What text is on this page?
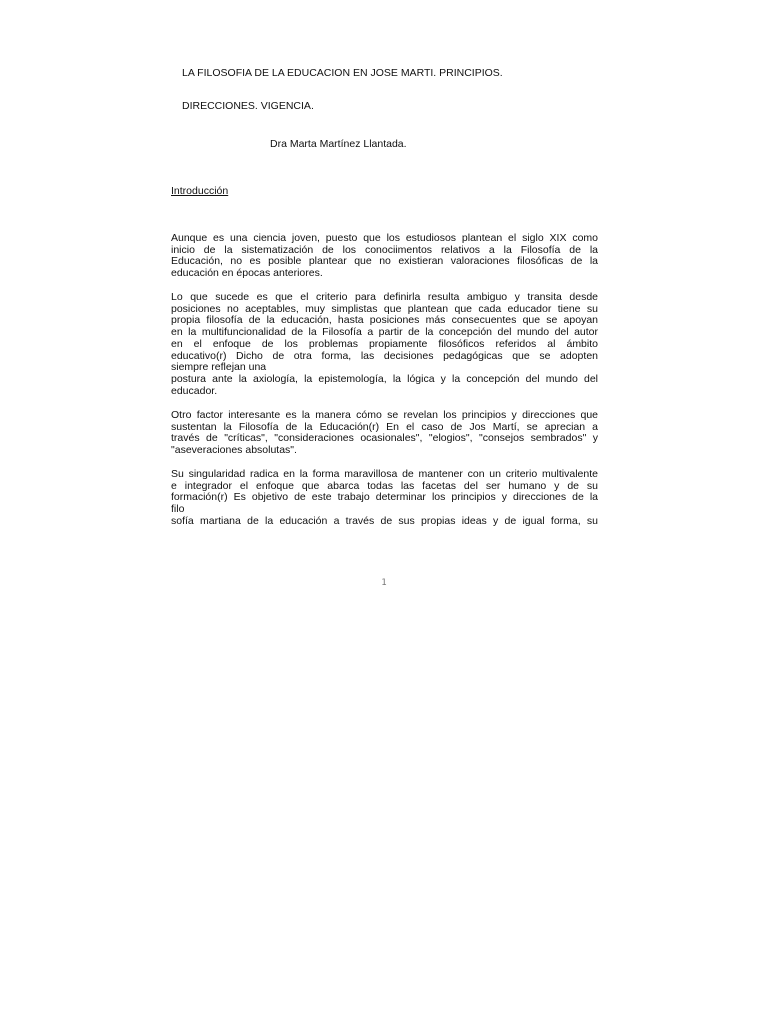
LA FILOSOFIA DE LA EDUCACION EN JOSE MARTI. PRINCIPIOS.

DIRECCIONES. VIGENCIA.

Dra Marta Martínez Llantada.

Introducción

Aunque es una ciencia joven, puesto que los estudiosos plantean el siglo XIX como
inicio de la sistematización de los conociimentos relativos a la Filosofía de la
Educación, no es posible plantear que no existieran valoraciones filosóficas de la
educación en épocas anteriores.
Lo que sucede es que el criterio para definirla resulta ambiguo y transita desde
posiciones no aceptables, muy simplistas que plantean que cada educador tiene su
propia filosofía de la educación, hasta posiciones más consecuentes que se apoyan
en la multifuncionalidad de la Filosofía a partir de la concepción del mundo del autor
en el enfoque de los problemas propiamente filosóficos referidos al ámbito
educativo(r) Dicho de otra forma, las decisiones pedagógicas que se adopten
siempre reflejan una
postura ante la axiología, la epistemología, la lógica y la concepción del mundo del
educador.
Otro factor interesante es la manera cómo se revelan los principios y direcciones que
sustentan la Filosofía de la Educación(r) En el caso de Jos Martí, se aprecian a
través de "críticas", "consideraciones ocasionales", "elogios", "consejos sembrados" y
"aseveraciones absolutas".
Su singularidad radica en la forma maravillosa de mantener con un criterio multivalente
e integrador el enfoque que abarca todas las facetas del ser humano y de su
formación(r) Es objetivo de este trabajo determinar los principios y direcciones de la
filo
sofía martiana de la educación a través de sus propias ideas y de igual forma, su
1
